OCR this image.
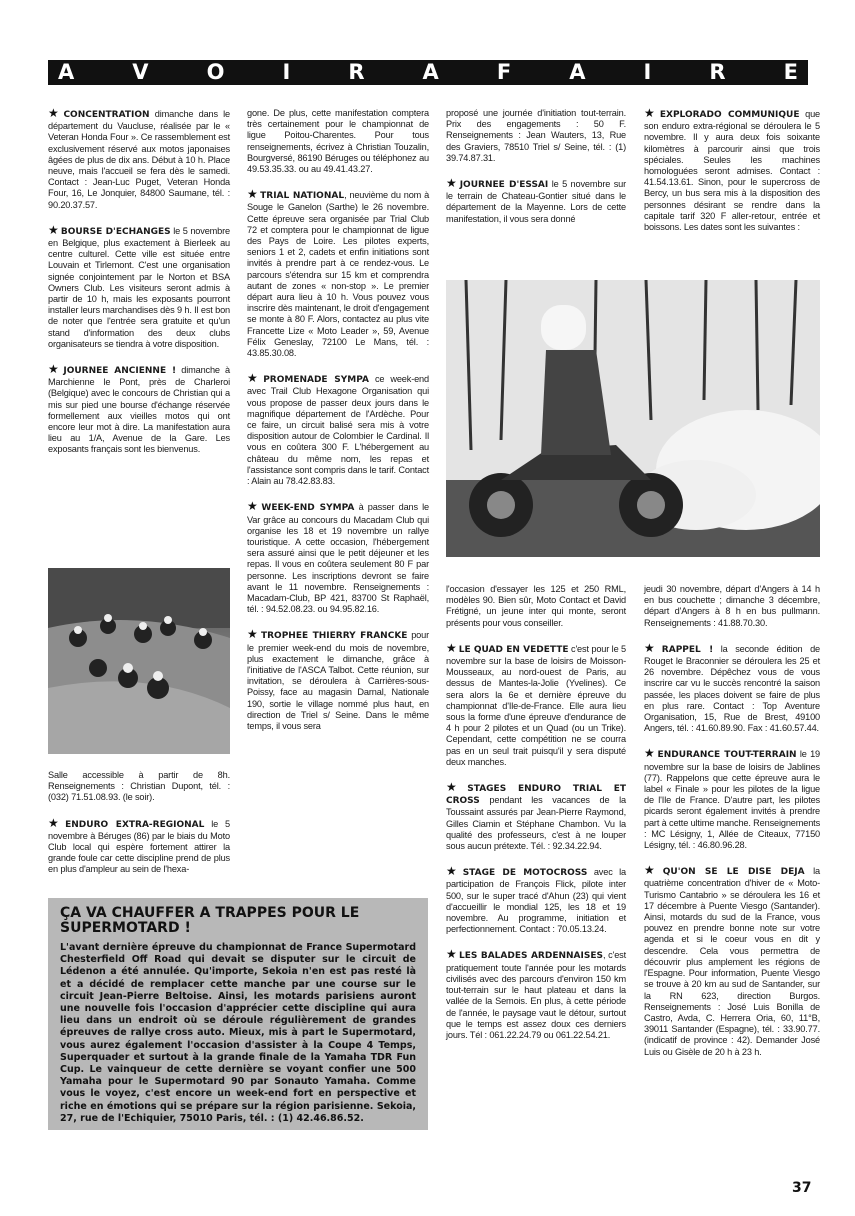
A	V	O	I	R	A	F	A	I	R	E

★ CONCENTRATION dimanche dans le département du Vaucluse, réalisée par le « Veteran Honda Four ». Ce rassemblement est exclusivement réservé aux motos japonaises âgées de plus de dix ans. Début à 10 h. Place neuve, mais l'accueil se fera dès le samedi. Contact : Jean-Luc Puget, Veteran Honda Four, 16, Le Jonquier, 84800 Saumane, tél. : 90.20.37.57.

★ BOURSE D'ECHANGES le 5 novembre en Belgique, plus exactement à Bierleek au centre culturel. Cette ville est située entre Louvain et Tirlemont. C'est une organisation signée conjointement par le Norton et BSA Owners Club. Les visiteurs seront admis à partir de 10 h, mais les exposants pourront installer leurs marchandises dès 9 h. Il est bon de noter que l'entrée sera gratuite et qu'un stand d'information des deux clubs organisateurs se tiendra à votre disposition.

★ JOURNEE ANCIENNE ! dimanche à Marchienne le Pont, près de Charleroi (Belgique) avec le concours de Christian qui a mis sur pied une bourse d'échange réservée formellement aux vieilles motos qui ont encore leur mot à dire. La manifestation aura lieu au 1/A, Avenue de la Gare. Les exposants français sont les bienvenus.

Salle accessible à partir de 8h. Renseignements : Christian Dupont, tél. : (032) 71.51.08.93. (le soir).

★ ENDURO EXTRA-REGIONAL le 5 novembre à Béruges (86) par le biais du Moto Club local qui espère fortement attirer la grande foule car cette discipline prend de plus en plus d'ampleur au sein de l'hexa-

gone. De plus, cette manifestation comptera très certainement pour le championnat de ligue Poitou-Charentes. Pour tous renseignements, écrivez à Christian Touzalin, Bourgversé, 86190 Béruges ou téléphonez au 49.53.35.33. ou au 49.41.43.27.

★ TRIAL NATIONAL, neuvième du nom à Souge le Ganelon (Sarthe) le 26 novembre. Cette épreuve sera organisée par Trial Club 72 et comptera pour le championnat de ligue des Pays de Loire. Les pilotes experts, seniors 1 et 2, cadets et enfin initiations sont invités à prendre part à ce rendez-vous. Le parcours s'étendra sur 15 km et comprendra autant de zones « non-stop ». Le premier départ aura lieu à 10 h. Vous pouvez vous inscrire dès maintenant, le droit d'engagement se monte à 80 F. Alors, contactez au plus vite Francette Lize « Moto Leader », 59, Avenue Félix Geneslay, 72100 Le Mans, tél. : 43.85.30.08.

★ PROMENADE SYMPA ce week-end avec Trail Club Hexagone Organisation qui vous propose de passer deux jours dans le magnifique département de l'Ardèche. Pour ce faire, un circuit balisé sera mis à votre disposition autour de Colombier le Cardinal. Il vous en coûtera 300 F. L'hébergement au château du même nom, les repas et l'assistance sont compris dans le tarif. Contact : Alain au 78.42.83.83.

★ WEEK-END SYMPA à passer dans le Var grâce au concours du Macadam Club qui organise les 18 et 19 novembre un rallye touristique. A cette occasion, l'hébergement sera assuré ainsi que le petit déjeuner et les repas. Il vous en coûtera seulement 80 F par personne. Les inscriptions devront se faire avant le 11 novembre. Renseignements : Macadam-Club, BP 421, 83700 St Raphaël, tél. : 94.52.08.23. ou 94.95.82.16.

★ TROPHEE THIERRY FRANCKE pour le premier week-end du mois de novembre, plus exactement le dimanche, grâce à l'initiative de l'ASCA Talbot. Cette réunion, sur invitation, se déroulera à Carrières-sous-Poissy, face au magasin Darnal, Nationale 190, sortie le village nommé plus haut, en direction de Triel s/ Seine. Dans le même temps, il vous sera

proposé une journée d'initiation tout-terrain. Prix des engagements : 50 F. Renseignements : Jean Wauters, 13, Rue des Graviers, 78510 Triel s/ Seine, tél. : (1) 39.74.87.31.

★ JOURNEE D'ESSAI le 5 novembre sur le terrain de Chateau-Gontier situé dans le département de la Mayenne. Lors de cette manifestation, il vous sera donné

l'occasion d'essayer les 125 et 250 RML, modèles 90. Bien sûr, Moto Contact et David Frétigné, un jeune inter qui monte, seront présents pour vous conseiller.

★ LE QUAD EN VEDETTE c'est pour le 5 novembre sur la base de loisirs de Moisson-Mousseaux, au nord-ouest de Paris, au dessus de Mantes-la-Jolie (Yvelines). Ce sera alors la 6e et dernière épreuve du championnat d'Ile-de-France. Elle aura lieu sous la forme d'une épreuve d'endurance de 4 h pour 2 pilotes et un Quad (ou un Trike). Cependant, cette compétition ne se courra pas en un seul trait puisqu'il y sera disputé deux manches.

★ STAGES ENDURO TRIAL ET CROSS pendant les vacances de la Toussaint assurés par Jean-Pierre Raymond, Gilles Ciamin et Stéphane Chambon. Vu la qualité des professeurs, c'est à ne louper sous aucun prétexte. Tél. : 92.34.22.94.

★ STAGE DE MOTOCROSS avec la participation de François Flick, pilote inter 500, sur le super tracé d'Ahun (23) qui vient d'accueillir le mondial 125, les 18 et 19 novembre. Au programme, initiation et perfectionnement. Contact : 70.05.13.24.

★ LES BALADES ARDENNAISES, c'est pratiquement toute l'année pour les motards civilisés avec des parcours d'environ 150 km tout-terrain sur le haut plateau et dans la vallée de la Semois. En plus, à cette période de l'année, le paysage vaut le détour, surtout que le temps est assez doux ces derniers jours. Tél : 061.22.24.79 ou 061.22.54.21.

★ EXPLORADO COMMUNIQUE que son enduro extra-régional se déroulera le 5 novembre. Il y aura deux fois soixante kilomètres à parcourir ainsi que trois spéciales. Seules les machines homologuées seront admises. Contact : 41.54.13.61. Sinon, pour le supercross de Bercy, un bus sera mis à la disposition des personnes désirant se rendre dans la capitale tarif 320 F aller-retour, entrée et boissons. Les dates sont les suivantes :

jeudi 30 novembre, départ d'Angers à 14 h en bus couchette ; dimanche 3 décembre, départ d'Angers à 8 h en bus pullmann. Renseignements : 41.88.70.30.

★ RAPPEL ! la seconde édition de Rouget le Braconnier se déroulera les 25 et 26 novembre. Dépêchez vous de vous inscrire car vu le succès rencontré la saison passée, les places doivent se faire de plus en plus rare. Contact : Top Aventure Organisation, 15, Rue de Brest, 49100 Angers, tél. : 41.60.89.90. Fax : 41.60.57.44.

★ ENDURANCE TOUT-TERRAIN le 19 novembre sur la base de loisirs de Jablines (77). Rappelons que cette épreuve aura le label « Finale » pour les pilotes de la ligue de l'Ile de France. D'autre part, les pilotes picards seront également invités à prendre part à cette ultime manche. Renseignements : MC Lésigny, 1, Allée de Citeaux, 77150 Lésigny, tél. : 46.80.96.28.

★ QU'ON SE LE DISE DEJA la quatrième concentration d'hiver de « Moto-Turismo Cantabrio » se déroulera les 16 et 17 décembre à Puente Viesgo (Santander). Ainsi, motards du sud de la France, vous pouvez en prendre bonne note sur votre agenda et si le coeur vous en dit y descendre. Cela vous permettra de découvrir plus amplement les régions de l'Espagne. Pour information, Puente Viesgo se trouve à 20 km au sud de Santander, sur la RN 623, direction Burgos. Renseignements : José Luis Bonilla de Castro, Avda, C. Herrera Oria, 60, 11°B, 39011 Santander (Espagne), tél. : 33.90.77. (indicatif de province : 42). Demander José Luis ou Gisèle de 20 h à 23 h.

ÇA VA CHAUFFER A TRAPPES POUR LE SUPERMOTARD !

L'avant dernière épreuve du championnat de France Supermotard Chesterfield Off Road qui devait se disputer sur le circuit de Lédenon a été annulée. Qu'importe, Sekoia n'en est pas resté là et a décidé de remplacer cette manche par une course sur le circuit Jean-Pierre Beltoise. Ainsi, les motards parisiens auront une nouvelle fois l'occasion d'apprécier cette discipline qui aura lieu dans un endroit où se déroule régulièrement de grandes épreuves de rallye cross auto. Mieux, mis à part le Supermotard, vous aurez également l'occasion d'assister à la Coupe 4 Temps, Superquader et surtout à la grande finale de la Yamaha TDR Fun Cup. Le vainqueur de cette dernière se voyant confier une 500 Yamaha pour le Supermotard 90 par Sonauto Yamaha. Comme vous le voyez, c'est encore un week-end fort en perspective et riche en émotions qui se prépare sur la région parisienne. Sekoia, 27, rue de l'Echiquier, 75010 Paris, tél. : (1) 42.46.86.52.

37
